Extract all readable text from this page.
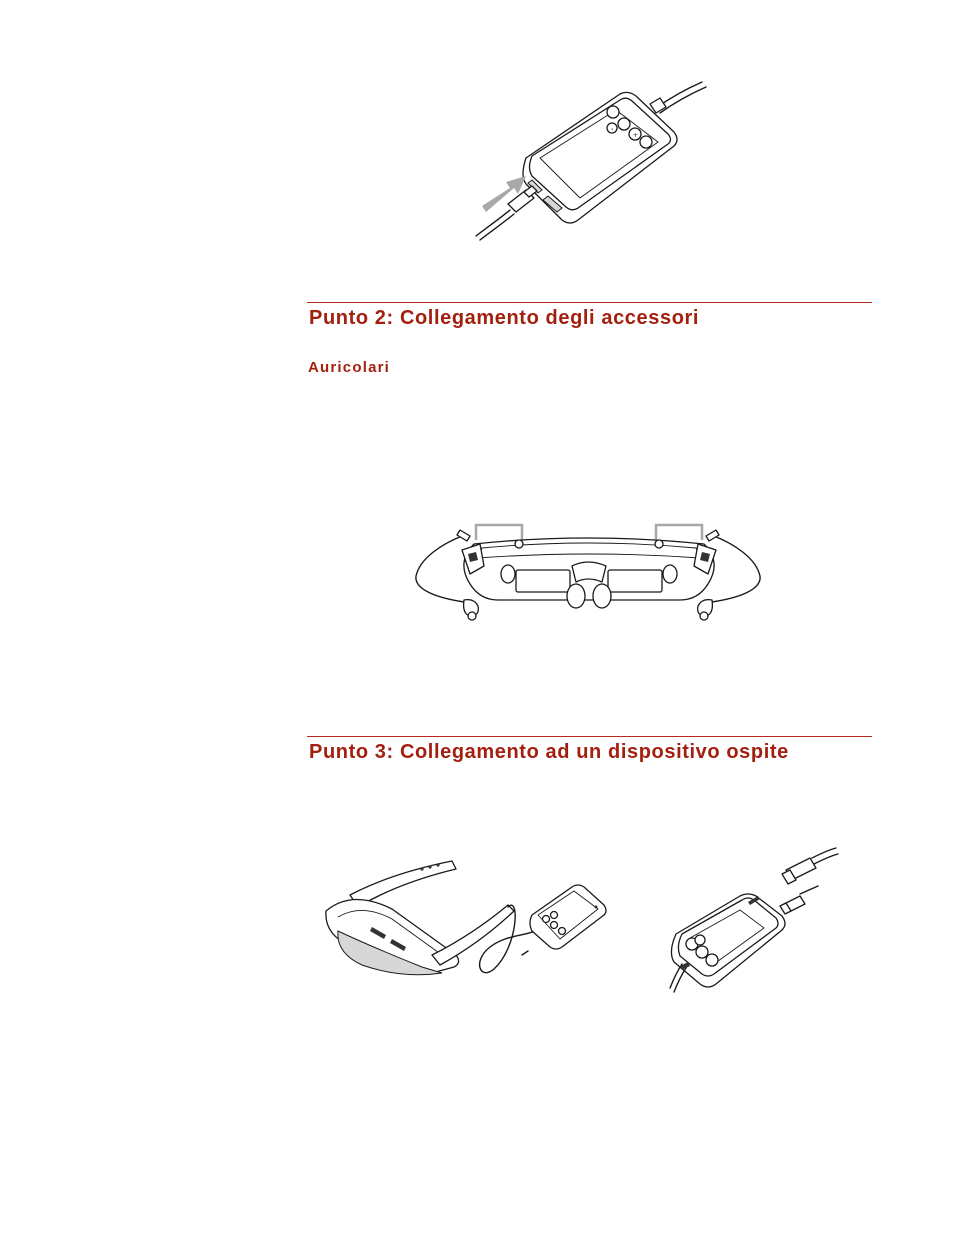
‹
+
Punto 2: Collegamento degli accessori
Auricolari
Punto 3: Collegamento ad un dispositivo ospite
